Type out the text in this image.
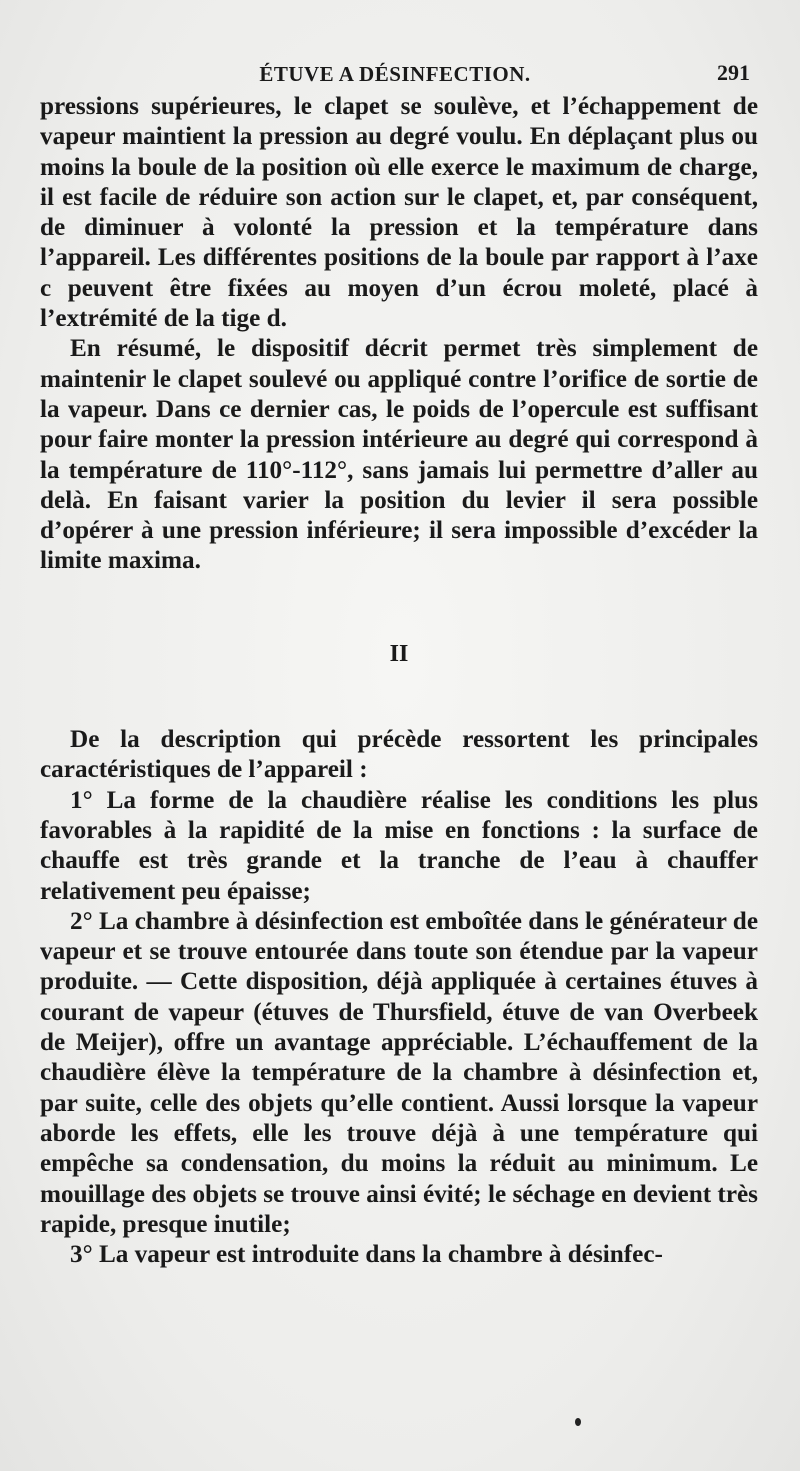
ÉTUVE A DÉSINFECTION.	291

pressions supérieures, le clapet se soulève, et l’échappement de vapeur maintient la pression au degré voulu. En déplaçant plus ou moins la boule de la position où elle exerce le maximum de charge, il est facile de réduire son action sur le clapet, et, par conséquent, de diminuer à volonté la pression et la température dans l’appareil. Les différentes positions de la boule par rapport à l’axe c peuvent être fixées au moyen d’un écrou moleté, placé à l’extrémité de la tige d.

En résumé, le dispositif décrit permet très simplement de maintenir le clapet soulevé ou appliqué contre l’orifice de sortie de la vapeur. Dans ce dernier cas, le poids de l’opercule est suffisant pour faire monter la pression intérieure au degré qui correspond à la température de 110°-112°, sans jamais lui permettre d’aller au delà. En faisant varier la position du levier il sera possible d’opérer à une pression inférieure; il sera impossible d’excéder la limite maxima.

II

De la description qui précède ressortent les principales caractéristiques de l’appareil :

1° La forme de la chaudière réalise les conditions les plus favorables à la rapidité de la mise en fonctions : la surface de chauffe est très grande et la tranche de l’eau à chauffer relativement peu épaisse;

2° La chambre à désinfection est emboîtée dans le générateur de vapeur et se trouve entourée dans toute son étendue par la vapeur produite. — Cette disposition, déjà appliquée à certaines étuves à courant de vapeur (étuves de Thursfield, étuve de van Overbeek de Meijer), offre un avantage appréciable. L’échauffement de la chaudière élève la température de la chambre à désinfection et, par suite, celle des objets qu’elle contient. Aussi lorsque la vapeur aborde les effets, elle les trouve déjà à une température qui empêche sa condensation, du moins la réduit au minimum. Le mouillage des objets se trouve ainsi évité; le séchage en devient très rapide, presque inutile;

3° La vapeur est introduite dans la chambre à désinfec-
